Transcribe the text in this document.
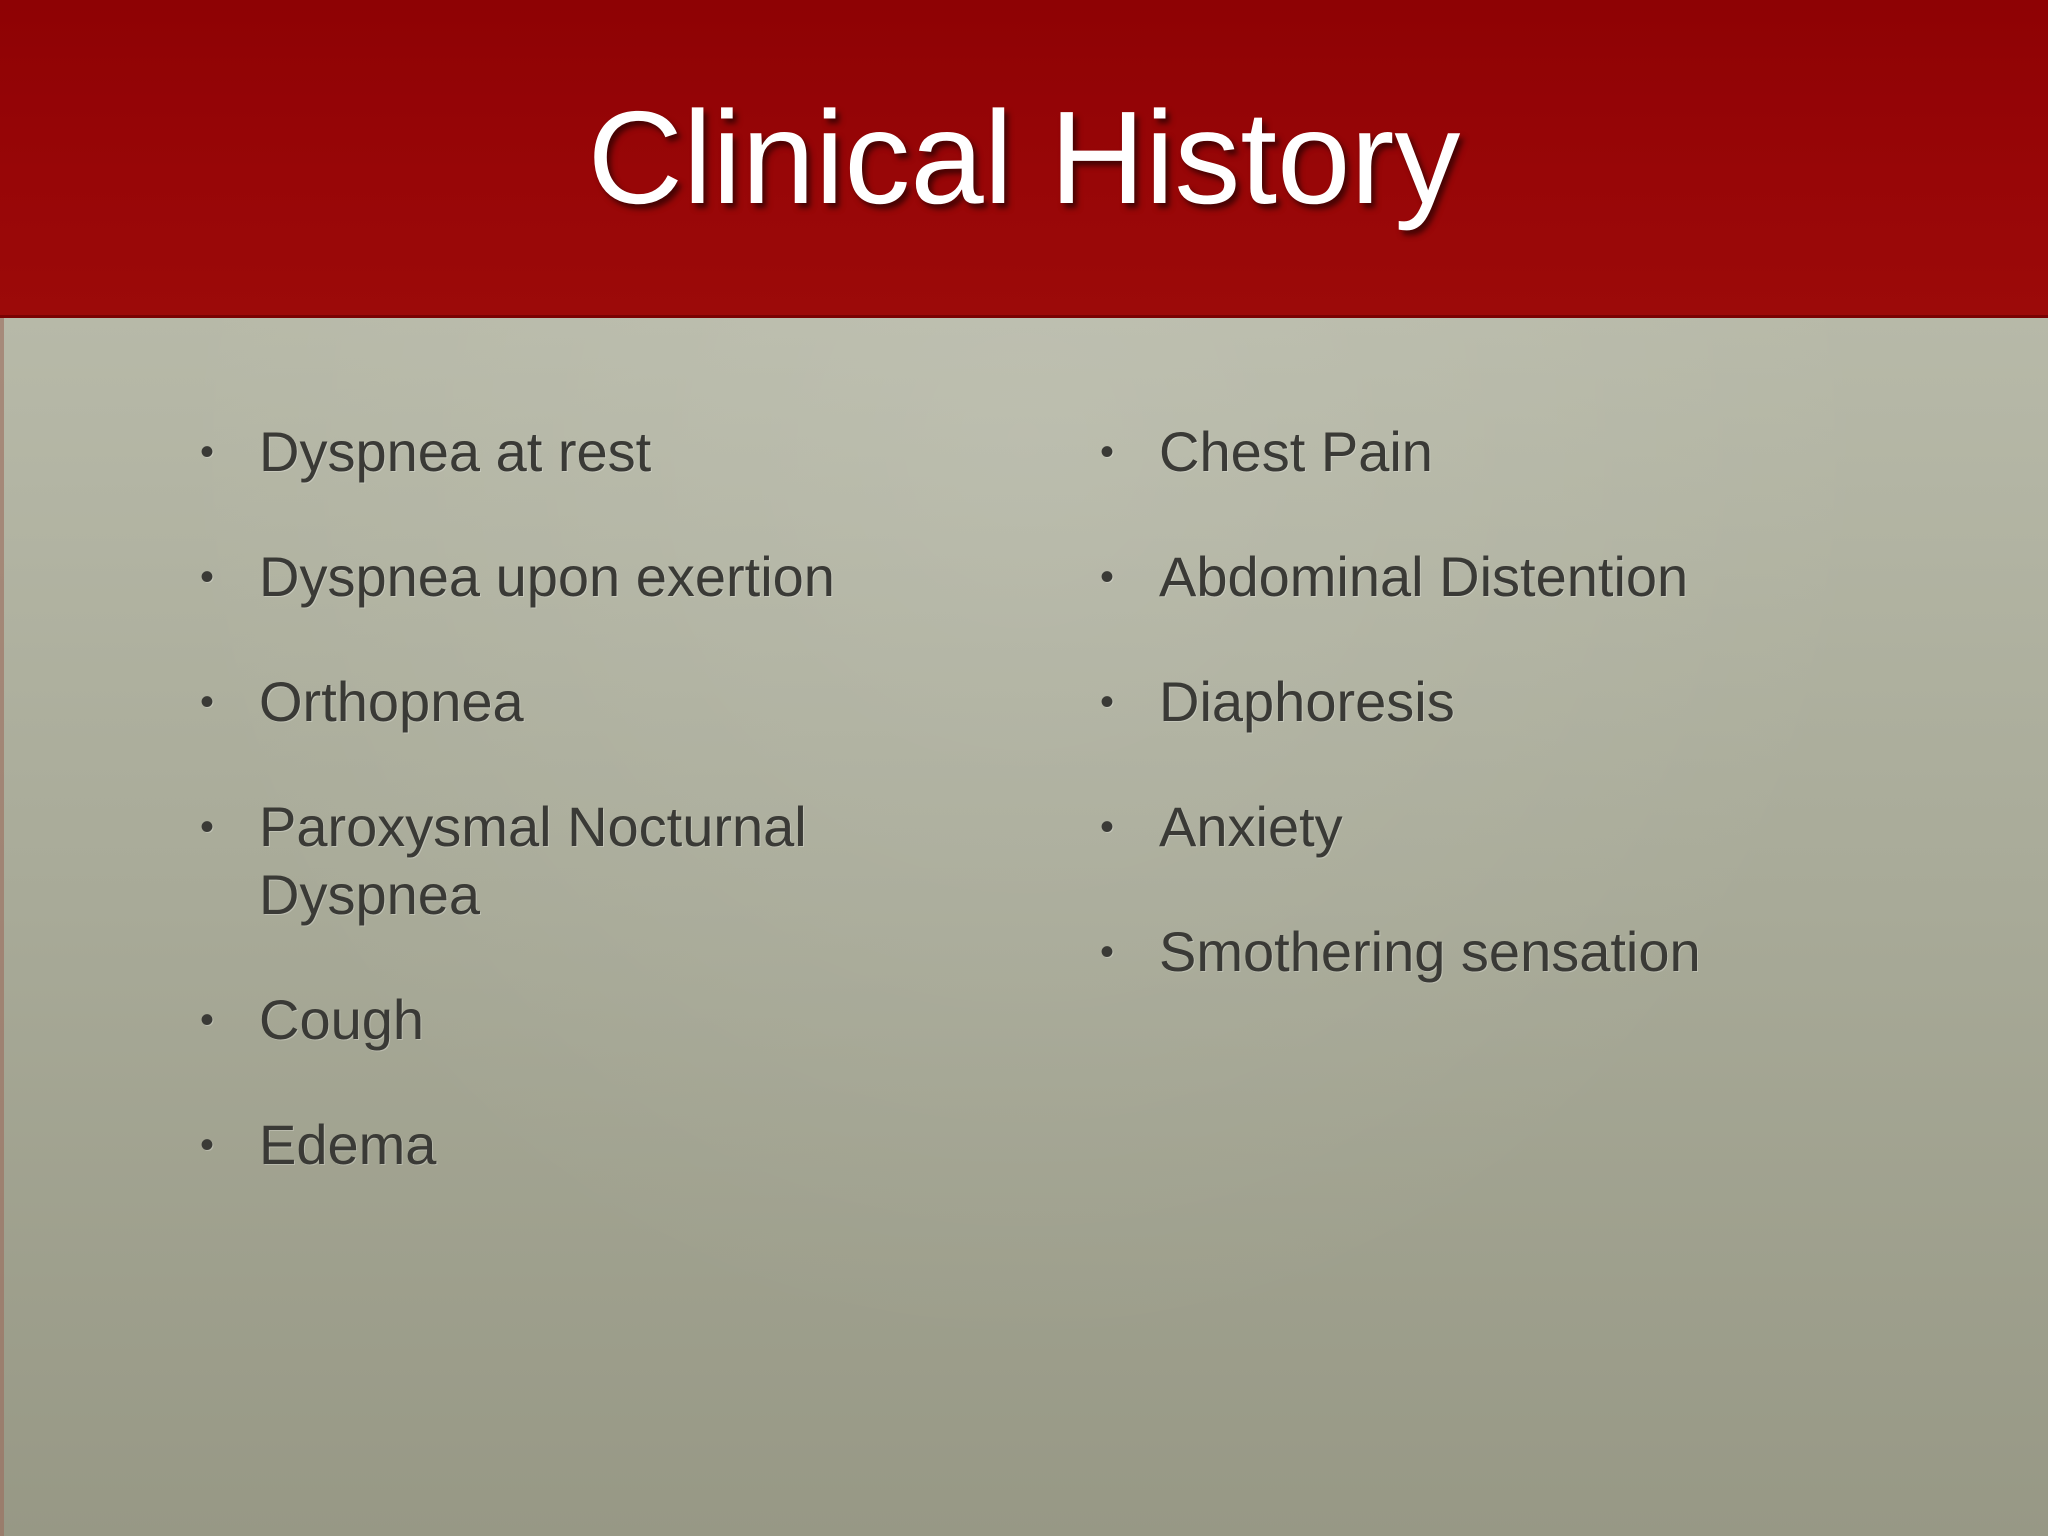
Clinical History
• Dyspnea at rest
• Dyspnea upon exertion
• Orthopnea
• Paroxysmal Nocturnal Dyspnea
• Cough
• Edema
• Chest Pain
• Abdominal Distention
• Diaphoresis
• Anxiety
• Smothering sensation
